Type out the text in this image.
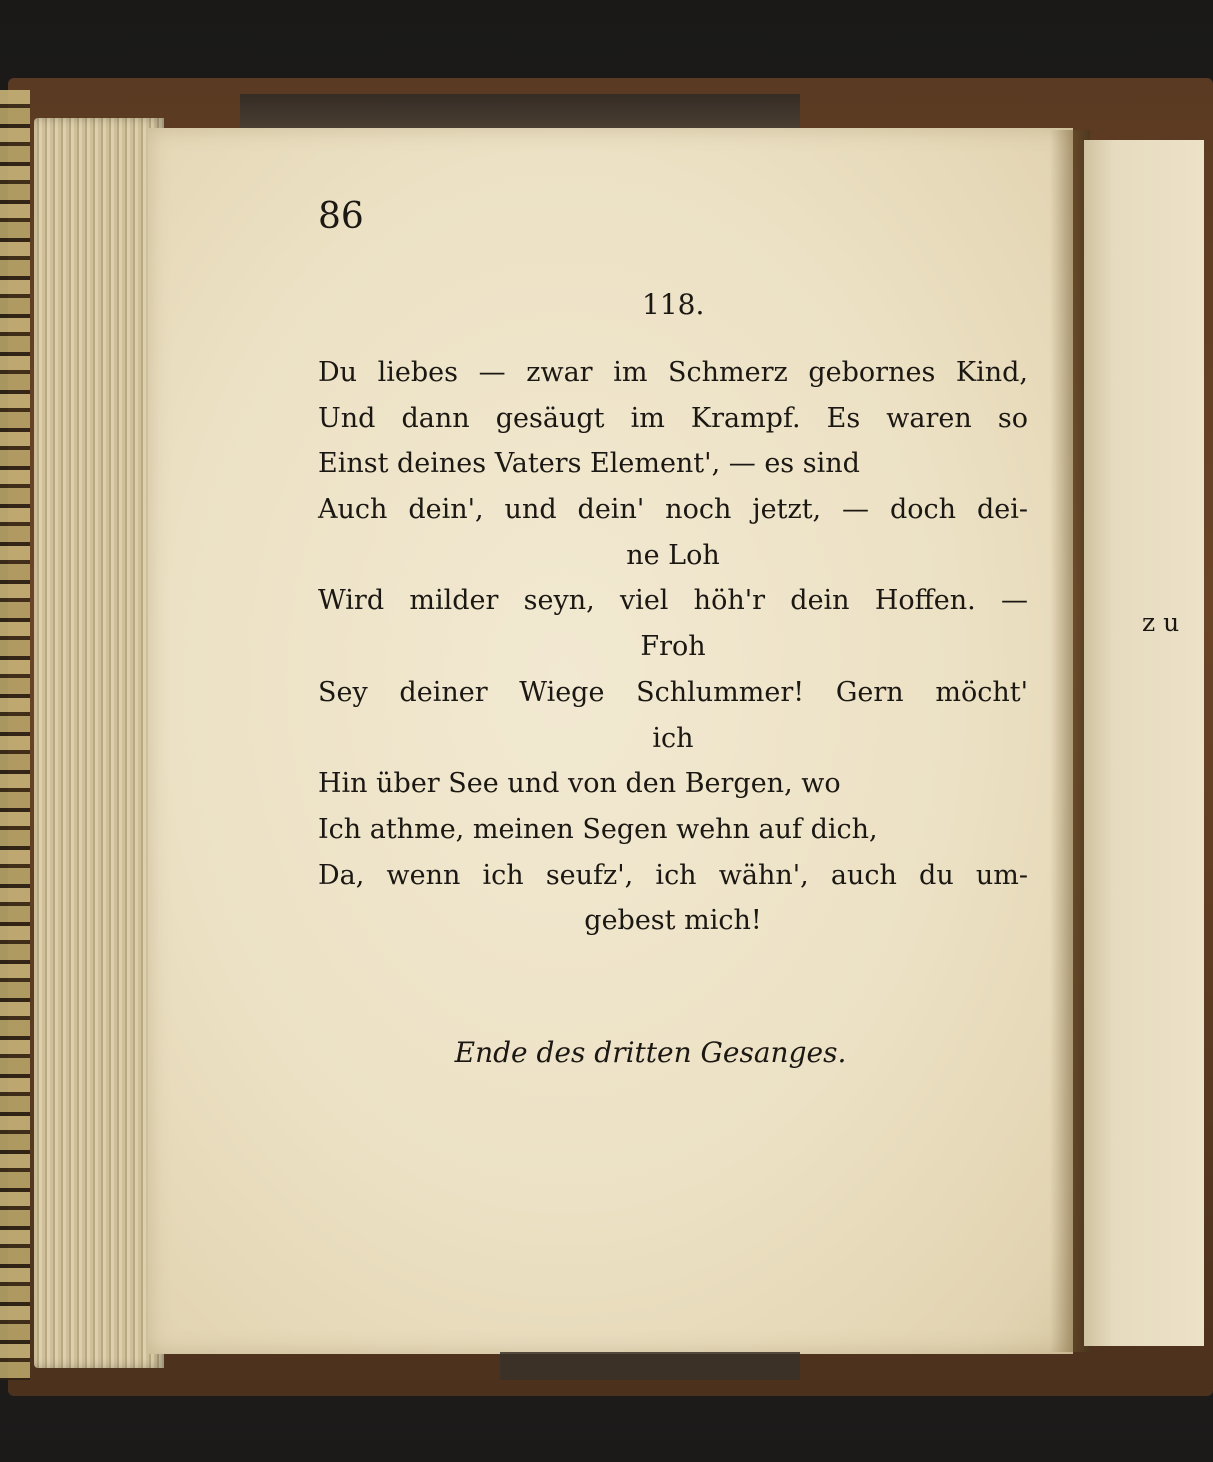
86
118.
Du liebes — zwar im Schmerz gebornes Kind,
Und dann gesäugt im Krampf. Es waren so
Einst deines Vaters Element', — es sind
Auch dein', und dein' noch jetzt, — doch dei-
ne Loh
Wird milder seyn, viel höh'r dein Hoffen. —
Froh
Sey deiner Wiege Schlummer! Gern möcht'
ich
Hin über See und von den Bergen, wo
Ich athme, meinen Segen wehn auf dich,
Da, wenn ich seufz', ich wähn', auch du um-
gebest mich!
Ende des dritten Gesanges.
z u
